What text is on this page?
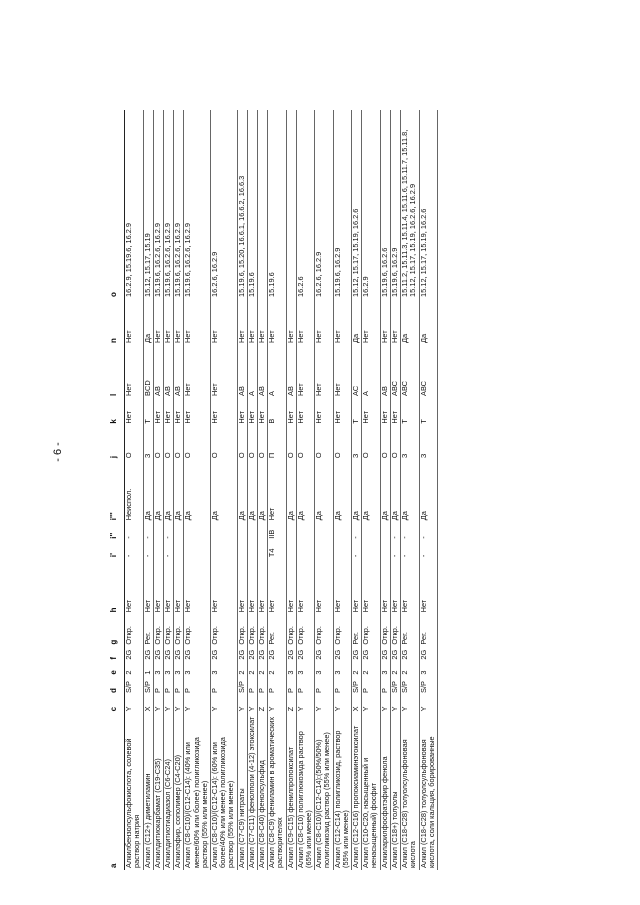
- 6 -
a	c	d	e	f	g	h	i'	i''	i'''	j	k	l	n	o
Алкилбензолсульфокислота, солевой раствор натрия	Y	S/P	2	2G	Откр.	Нет	-	-	Неиспол.	О	Нет	Нет	Нет	16.2.9, 15.19.6, 16.2.9
Алкил (С12+) диметиламин	X	S/P	1	2G	Рег.	Нет	-	-	Да	З	Т	BCD	Да	15.12, 15.17, 15.19
Алкилдитиокарбамат (С19-С35)	Y	P	3	2G	Откр.	Нет			Да	О	Нет	АВ	Нет	15.19.6, 16.2.6, 16.2.9
Алкилдитиотиадиазол (С6-С24)	Y	P	3	2G	Откр.	Нет	-	-	Да	О	Нет	АВ	Нет	15.19.6, 16.2.6, 16.2.9
Алкилэфир, сополимер (С4-С20)	Y	P	3	2G	Откр.	Нет			Да	О	Нет	АВ	Нет	15.19.6, 16.2.6, 16.2.9
Алкил (С8-С10)/(С12-С14): (40% или менее/60% или более) полигликозида раствор (55% или менее)	Y	P	3	2G	Откр.	Нет			Да	О	Нет	Нет	Нет	15.19.6, 16.2.6, 16.2.9
Алкил (С8-С10)/(С12-С14): (60% или более/40% или менее) полигликозида раствор (55% или менее)	Y	P	3	2G	Откр.	Нет			Да	О	Нет	Нет	Нет	16.2.6, 16.2.9
Алкил (С7-С9) нитраты	Y	S/P	2	2G	Откр.	Нет			Да	О	Нет	АВ	Нет	15.19.6, 15.20, 16.6.1, 16.6.2, 16.6.3
Алкил (С7-С11) фенолполи (4-12) этоксилат	Y	P	2	2G	Откр.	Нет			Да	О	Нет	А	Нет	15.19.6
Алкил (С8-С40) фенолсульфид	Z	P	2	2G	Откр.	Нет			Да	О	Нет	АВ	Нет	
Алкил (С8-С9) фениламин в ароматических растворителях	Y	P	2	2G	Рег.	Нет	Т4	IIB	Нет	П	В	А	Нет	15.19.6
Алкил (С9-С15) фенилпропоксилат	Z	P	3	2G	Откр.	Нет			Да	О	Нет	АВ	Нет	
Алкил (С8-С10) полиглюкозида раствор (65% или менее)	Y	P	3	2G	Откр.	Нет			Да	О	Нет	Нет	Нет	16.2.6
Алкил (С8-С10)/(С12-С14):(50%/50%) полигликозид раствор (55% или менее)	Y	P	3	2G	Откр.	Нет			Да	О	Нет	Нет	Нет	16.2.6, 16.2.9
Алкил (С12-С14) полигликозид, раствор (55% или менее)	Y	P	3	2G	Откр.	Нет			Да	О	Нет	Нет	Нет	15.19.6, 16.2.9
Алкил (С12-С16) пропоксиаминэтоксилат	X	S/P	2	2G	Рег.	Нет	-	-	Да	З	Т	АС	Да	15.12, 15.17, 15.19, 16.2.6
Алкил (С10-С20, насыщенный и ненасыщенный) фосфит	Y	P	2	2G	Откр.	Нет			Да	О	Нет	А	Нет	16.2.9
Алкиларилфосфатэфир фенола	Y	P	3	2G	Откр.	Нет			Да	О	Нет	АВ	Нет	15.19.6, 16.2.6
Алкил (С18+) толуолы	Y	S/P	2	2G	Откр.	Нет	-	-	Да	О	Нет	АВС	Нет	15.19.6, 16.2.9
Алкил (С18-С28) толуолсульфоновая кислота	Y	S/P	2	2G	Рег.	Нет	-	-	Да	З	Т	АВС	Да	15.11.2, 15.11.3, 15.11.4, 15.11.6, 15.11.7, 15.11.8, 15.12, 15.17, 15.19, 16.2.6, 16.2.9
Алкил (С18-С28) толуолсульфоновая кислота, соли кальция, борированные	Y	S/P	3	2G	Рег.	Нет	-	-	Да	З	Т	АВС	Да	15.12, 15.17, 15.19, 16.2.6
